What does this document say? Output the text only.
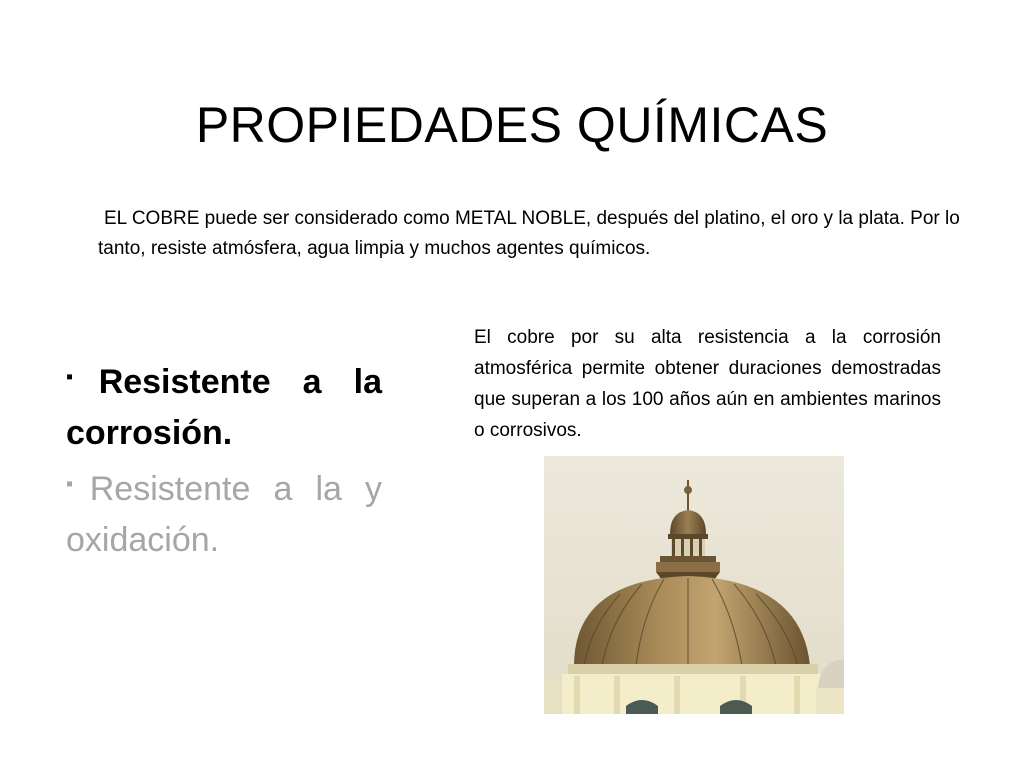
PROPIEDADES QUÍMICAS

EL COBRE puede ser considerado como METAL NOBLE, después del platino, el oro y la plata. Por lo tanto, resiste atmósfera, agua limpia y muchos agentes químicos.

▪Resistente a la corrosión.

▪Resistente a la y oxidación.

El cobre por su alta resistencia a la corrosión atmosférica permite obtener duraciones demostradas que superan a los 100 años aún en ambientes marinos o corrosivos.
